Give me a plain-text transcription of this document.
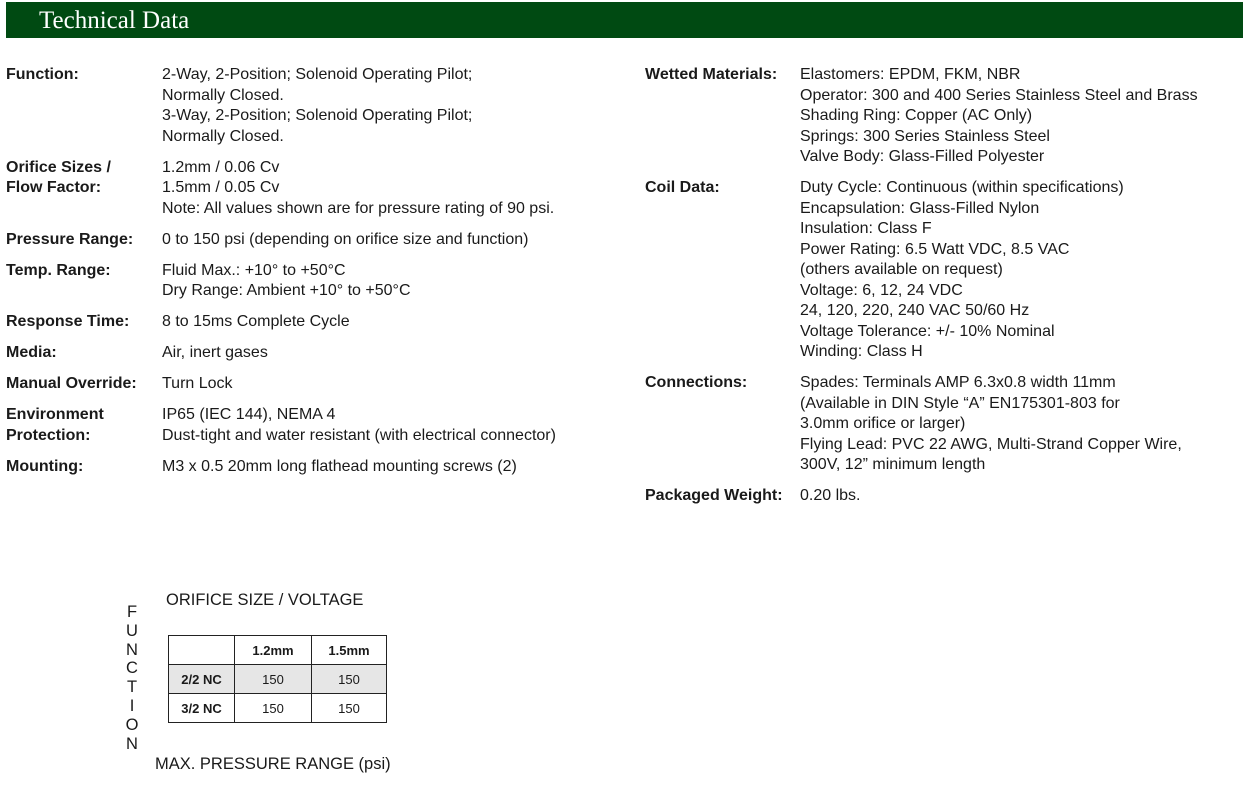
Technical Data
Function:	2-Way, 2-Position; Solenoid Operating Pilot;
Normally Closed.
3-Way, 2-Position; Solenoid Operating Pilot;
Normally Closed.
Orifice Sizes /
Flow Factor:
1.2mm / 0.06 Cv
1.5mm / 0.05 Cv
Note: All values shown are for pressure rating of 90 psi.
Pressure Range:	0 to 150 psi (depending on orifice size and function)
Temp. Range:	Fluid Max.: +10° to +50°C
Dry Range: Ambient +10° to +50°C
Response Time:	8 to 15ms Complete Cycle
Media:	Air, inert gases
Manual Override:	Turn Lock
Environment
Protection:
IP65 (IEC 144), NEMA 4
Dust-tight and water resistant (with electrical connector)
Mounting:	M3 x 0.5 20mm long flathead mounting screws (2)
Wetted Materials:	Elastomers: EPDM, FKM, NBR
Operator: 300 and 400 Series Stainless Steel and Brass
Shading Ring: Copper (AC Only)
Springs: 300 Series Stainless Steel
Valve Body: Glass-Filled Polyester
Coil Data:	Duty Cycle: Continuous (within specifications)
Encapsulation: Glass-Filled Nylon
Insulation: Class F
Power Rating: 6.5 Watt VDC, 8.5 VAC
(others available on request)
Voltage: 6, 12, 24 VDC
24, 120, 220, 240 VAC 50/60 Hz
Voltage Tolerance: +/- 10% Nominal
Winding: Class H
Connections:	Spades: Terminals AMP 6.3x0.8 width 11mm
(Available in DIN Style “A” EN175301-803 for
3.0mm orifice or larger)
Flying Lead: PVC 22 AWG, Multi-Strand Copper Wire,
300V, 12” minimum length
Packaged Weight:	0.20 lbs.
ORIFICE SIZE / VOLTAGE
F
U
N
C
T
I
O
N
	1.2mm	1.5mm
2/2 NC	150	150
3/2 NC	150	150
MAX. PRESSURE RANGE (psi)
